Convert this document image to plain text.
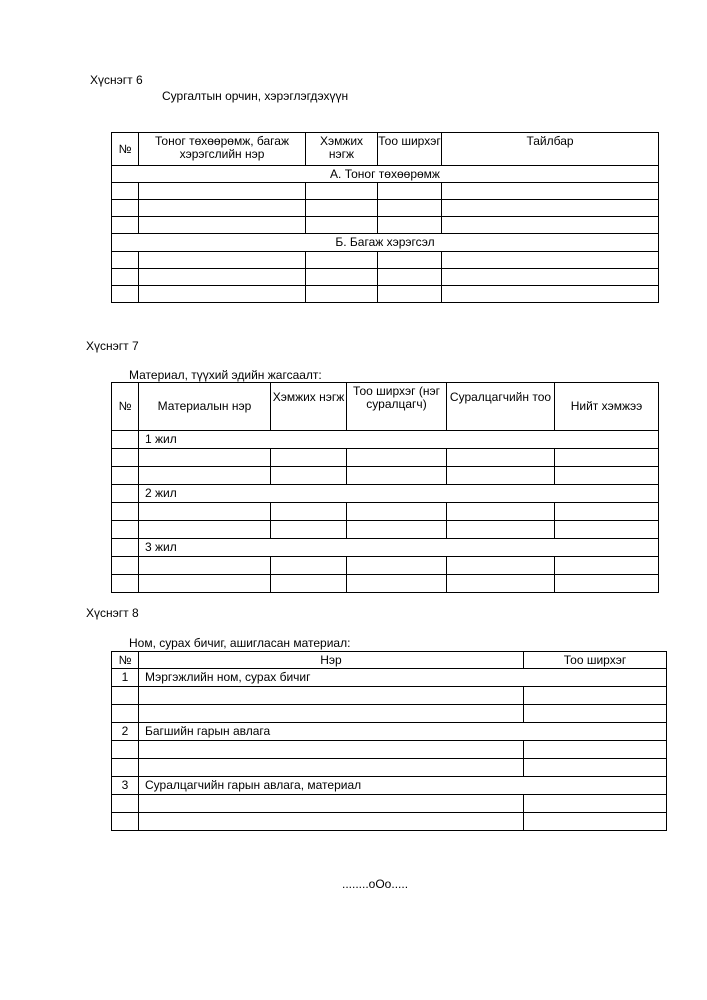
Хүснэгт 6
Сургалтын орчин, хэрэглэгдэхүүн
№	Тоног төхөөрөмж, багаж хэрэгслийн нэр	Хэмжих нэгж	Тоо ширхэг	Тайлбар
А. Тоног төхөөрөмж				

Б. Багаж хэрэгсэл				

Хүснэгт 7
Материал, түүхий эдийн жагсаалт:
№	Материалын нэр	Хэмжих нэгж	Тоо ширхэг (нэг суралцагч)	Суралцагчийн тоо	Нийт хэмжээ
	1 жил				

	2 жил				

	3 жил				

Хүснэгт 8
Ном, сурах бичиг, ашигласан материал:
№	Нэр	Тоо ширхэг
1	Мэргэжлийн ном, сурах бичиг	

2	Багшийн гарын авлага	

3	Суралцагчийн гарын авлага, материал	

........оОо.....
